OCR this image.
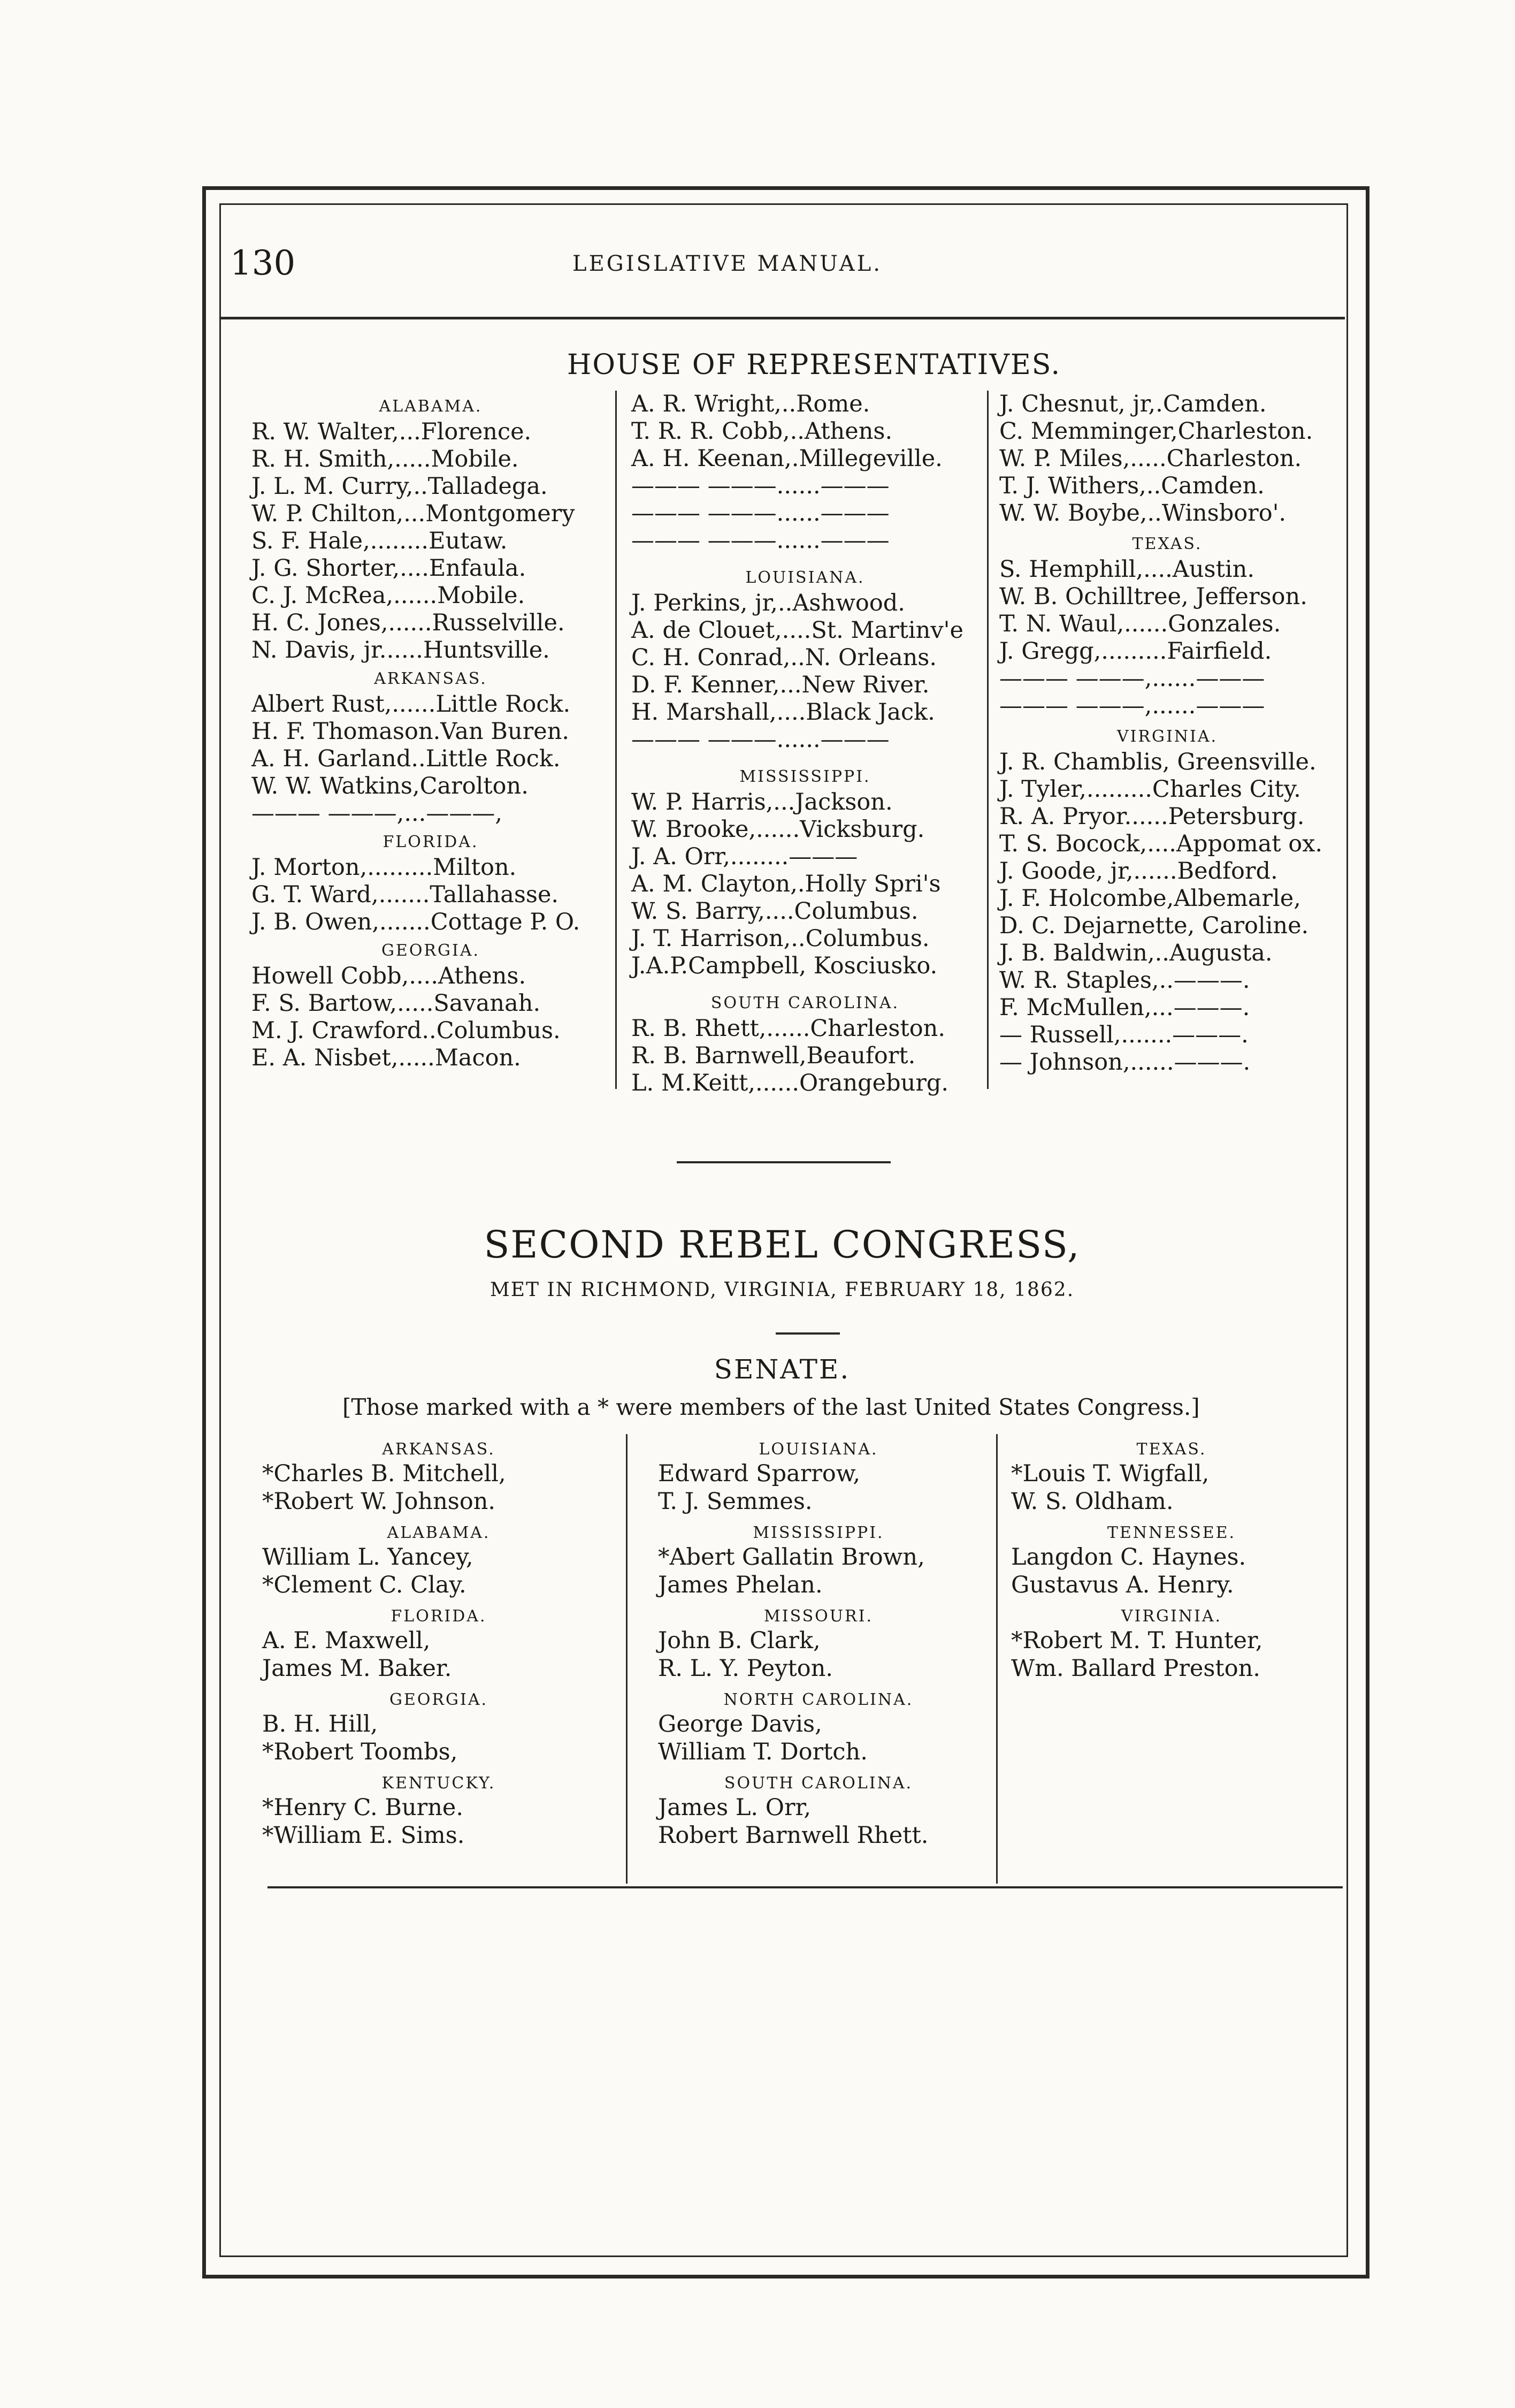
130	LEGISLATIVE MANUAL.
HOUSE OF REPRESENTATIVES.
ALABAMA.
R. W. Walter,...Florence.
R. H. Smith,.....Mobile.
J. L. M. Curry,..Talladega.
W. P. Chilton,...Montgomery
S. F. Hale,........Eutaw.
J. G. Shorter,....Enfaula.
C. J. McRea,......Mobile.
H. C. Jones,......Russelville.
N. Davis, jr......Huntsville.
ARKANSAS.
Albert Rust,......Little Rock.
H. F. Thomason.Van Buren.
A. H. Garland..Little Rock.
W. W. Watkins,Carolton.
——— ———,...———,
FLORIDA.
J. Morton,.........Milton.
G. T. Ward,.......Tallahasse.
J. B. Owen,.......Cottage P. O.
GEORGIA.
Howell Cobb,....Athens.
F. S. Bartow,.....Savanah.
M. J. Crawford..Columbus.
E. A. Nisbet,.....Macon.
A. R. Wright,..Rome.
T. R. R. Cobb,..Athens.
A. H. Keenan,.Millegeville.
——— ———......———
——— ———......———
——— ———......———
LOUISIANA.
J. Perkins, jr,..Ashwood.
A. de Clouet,....St. Martinv'e
C. H. Conrad,..N. Orleans.
D. F. Kenner,...New River.
H. Marshall,....Black Jack.
——— ———......———
MISSISSIPPI.
W. P. Harris,...Jackson.
W. Brooke,......Vicksburg.
J. A. Orr,........———
A. M. Clayton,.Holly Spri's
W. S. Barry,....Columbus.
J. T. Harrison,..Columbus.
J.A.P.Campbell, Kosciusko.
SOUTH CAROLINA.
R. B. Rhett,......Charleston.
R. B. Barnwell,Beaufort.
L. M.Keitt,......Orangeburg.
J. Chesnut, jr,.Camden.
C. Memminger,Charleston.
W. P. Miles,.....Charleston.
T. J. Withers,..Camden.
W. W. Boybe,..Winsboro'.
TEXAS.
S. Hemphill,....Austin.
W. B. Ochilltree, Jefferson.
T. N. Waul,......Gonzales.
J. Gregg,.........Fairfield.
——— ———,......———
——— ———,......———
VIRGINIA.
J. R. Chamblis, Greensville.
J. Tyler,.........Charles City.
R. A. Pryor......Petersburg.
T. S. Bocock,....Appomat ox.
J. Goode, jr,......Bedford.
J. F. Holcombe,Albemarle,
D. C. Dejarnette, Caroline.
J. B. Baldwin,..Augusta.
W. R. Staples,..———.
F. McMullen,...———.
— Russell,.......———.
— Johnson,......———.
SECOND REBEL CONGRESS,
MET IN RICHMOND, VIRGINIA, FEBRUARY 18, 1862.
SENATE.
[Those marked with a * were members of the last United States Congress.]
ARKANSAS.
*Charles B. Mitchell,
*Robert W. Johnson.
ALABAMA.
William L. Yancey,
*Clement C. Clay.
FLORIDA.
A. E. Maxwell,
James M. Baker.
GEORGIA.
B. H. Hill,
*Robert Toombs,
KENTUCKY.
*Henry C. Burne.
*William E. Sims.
LOUISIANA.
Edward Sparrow,
T. J. Semmes.
MISSISSIPPI.
*Abert Gallatin Brown,
James Phelan.
MISSOURI.
John B. Clark,
R. L. Y. Peyton.
NORTH CAROLINA.
George Davis,
William T. Dortch.
SOUTH CAROLINA.
James L. Orr,
Robert Barnwell Rhett.
TEXAS.
*Louis T. Wigfall,
W. S. Oldham.
TENNESSEE.
Langdon C. Haynes.
Gustavus A. Henry.
VIRGINIA.
*Robert M. T. Hunter,
Wm. Ballard Preston.
